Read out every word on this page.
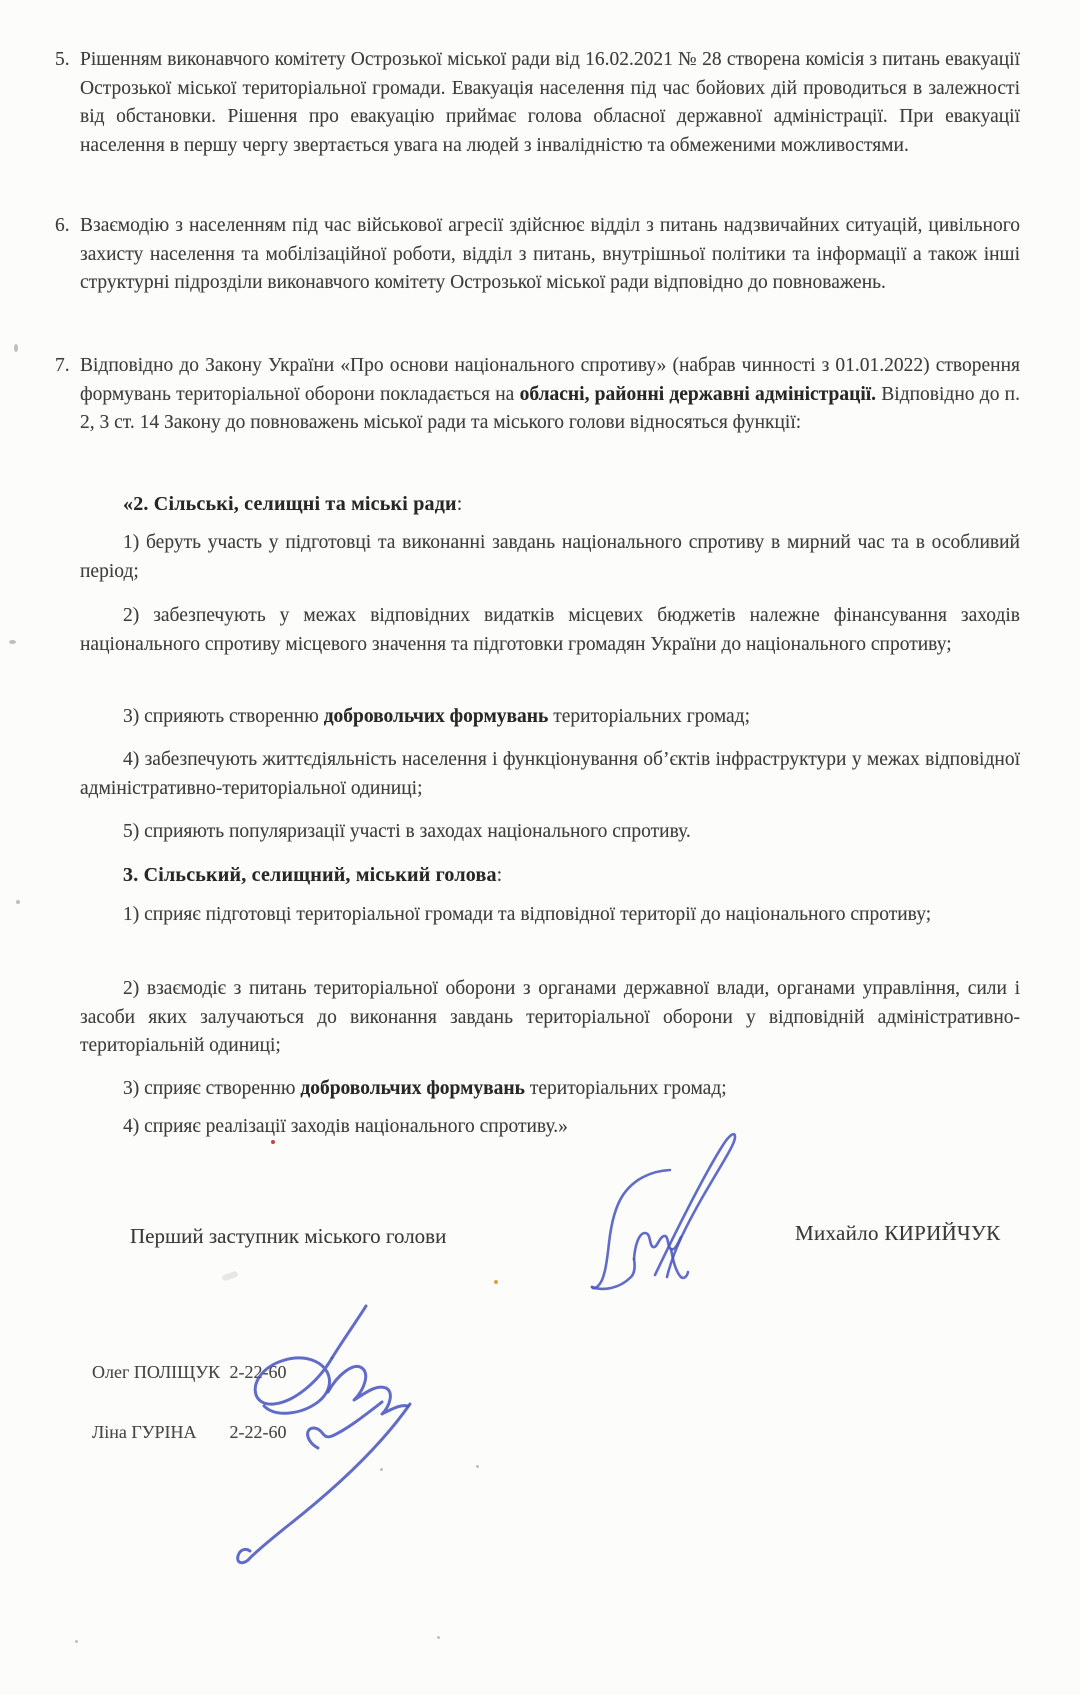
5. Рішенням виконавчого комітету Острозької міської ради від 16.02.2021 № 28 створена комісія з питань евакуації Острозької міської територіальної громади. Евакуація населення під час бойових дій проводиться в залежності від обстановки. Рішення про евакуацію приймає голова обласної державної адміністрації. При евакуації населення в першу чергу звертається увага на людей з інвалідністю та обмеженими можливостями.
6. Взаємодію з населенням під час військової агресії здійснює відділ з питань надзвичайних ситуацій, цивільного захисту населення та мобілізаційної роботи, відділ з питань, внутрішньої політики та інформації а також інші структурні підрозділи виконавчого комітету Острозької міської ради відповідно до повноважень.
7. Відповідно до Закону України «Про основи національного спротиву» (набрав чинності з 01.01.2022) створення формувань територіальної оборони покладається на обласні, районні державні адміністрації. Відповідно до п. 2, 3 ст. 14 Закону до повноважень міської ради та міського голови відносяться функції:
«2. Сільські, селищні та міські ради:
1) беруть участь у підготовці та виконанні завдань національного спротиву в мирний час та в особливий період;
2) забезпечують у межах відповідних видатків місцевих бюджетів належне фінансування заходів національного спротиву місцевого значення та підготовки громадян України до національного спротиву;
3) сприяють створенню добровольчих формувань територіальних громад;
4) забезпечують життєдіяльність населення і функціонування об’єктів інфраструктури у межах відповідної адміністративно-територіальної одиниці;
5) сприяють популяризації участі в заходах національного спротиву.
3. Сільський, селищний, міський голова:
1) сприяє підготовці територіальної громади та відповідної території до національного спротиву;
2) взаємодіє з питань територіальної оборони з органами державної влади, органами управління, сили і засоби яких залучаються до виконання завдань територіальної оборони у відповідній адміністративно-територіальній одиниці;
3) сприяє створенню добровольчих формувань територіальних громад;
4) сприяє реалізації заходів національного спротиву.»
Перший заступник міського голови	Михайло КИРИЙЧУК
Олег ПОЛІЩУК 2-22-60
Ліна ГУРІНА 2-22-60
